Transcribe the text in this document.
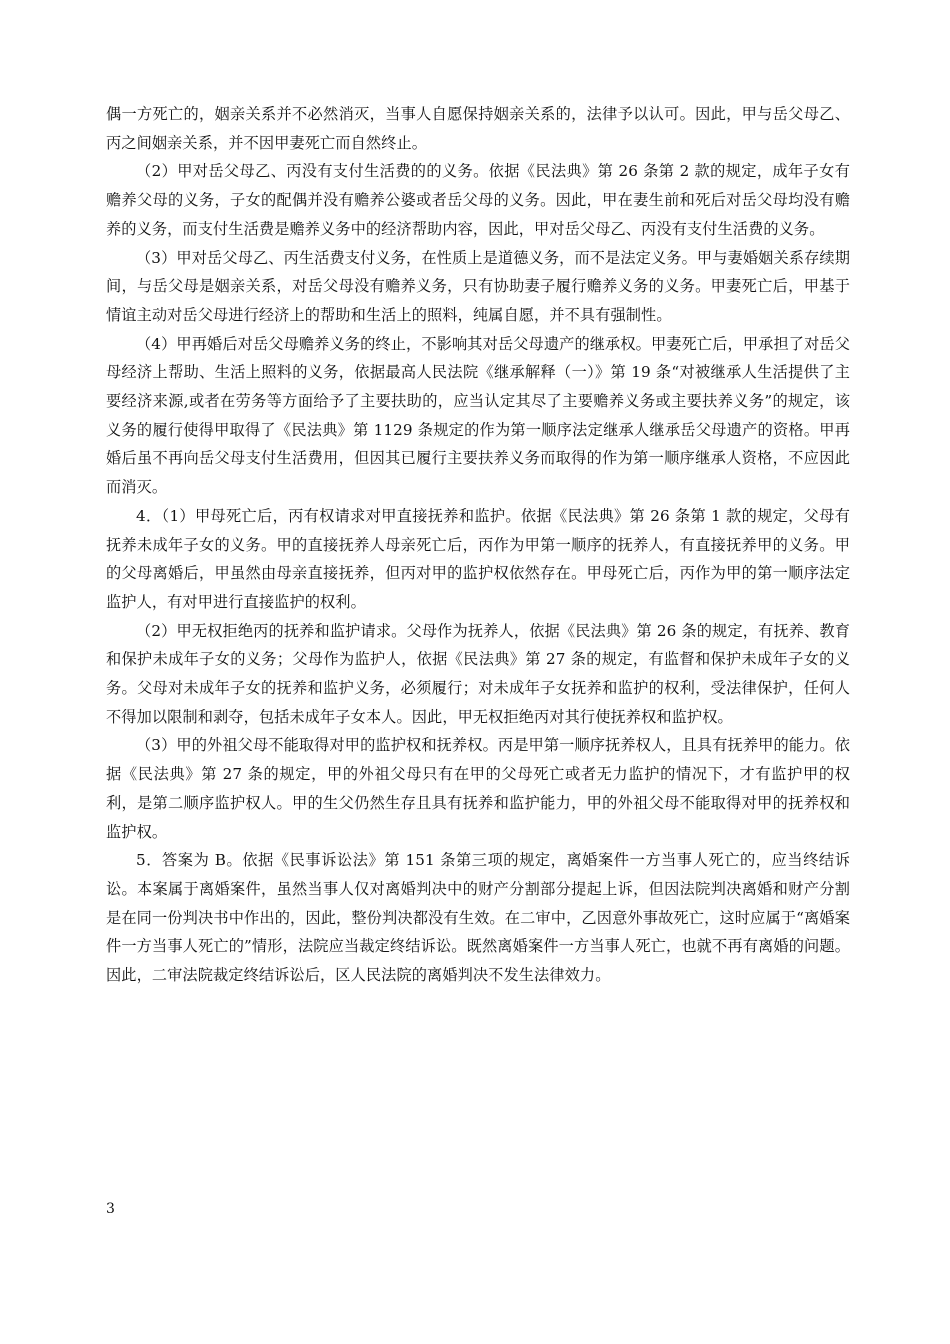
偶一方死亡的，姻亲关系并不必然消灭，当事人自愿保持姻亲关系的，法律予以认可。因此，甲与岳父母乙、丙之间姻亲关系，并不因甲妻死亡而自然终止。

（2）甲对岳父母乙、丙没有支付生活费的的义务。依据《民法典》第 26 条第 2 款的规定，成年子女有赡养父母的义务，子女的配偶并没有赡养公婆或者岳父母的义务。因此，甲在妻生前和死后对岳父母均没有赡养的义务，而支付生活费是赡养义务中的经济帮助内容，因此，甲对岳父母乙、丙没有支付生活费的义务。

（3）甲对岳父母乙、丙生活费支付义务，在性质上是道德义务，而不是法定义务。甲与妻婚姻关系存续期间，与岳父母是姻亲关系，对岳父母没有赡养义务，只有协助妻子履行赡养义务的义务。甲妻死亡后，甲基于情谊主动对岳父母进行经济上的帮助和生活上的照料，纯属自愿，并不具有强制性。

（4）甲再婚后对岳父母赡养义务的终止，不影响其对岳父母遗产的继承权。甲妻死亡后，甲承担了对岳父母经济上帮助、生活上照料的义务，依据最高人民法院《继承解释（一）》第 19 条“对被继承人生活提供了主要经济来源,或者在劳务等方面给予了主要扶助的，应当认定其尽了主要赡养义务或主要扶养义务”的规定，该义务的履行使得甲取得了《民法典》第 1129 条规定的作为第一顺序法定继承人继承岳父母遗产的资格。甲再婚后虽不再向岳父母支付生活费用，但因其已履行主要扶养义务而取得的作为第一顺序继承人资格，不应因此而消灭。

4．（1）甲母死亡后，丙有权请求对甲直接抚养和监护。依据《民法典》第 26 条第 1 款的规定，父母有抚养未成年子女的义务。甲的直接抚养人母亲死亡后，丙作为甲第一顺序的抚养人，有直接抚养甲的义务。甲的父母离婚后，甲虽然由母亲直接抚养，但丙对甲的监护权依然存在。甲母死亡后，丙作为甲的第一顺序法定监护人，有对甲进行直接监护的权利。

（2）甲无权拒绝丙的抚养和监护请求。父母作为抚养人，依据《民法典》第 26 条的规定，有抚养、教育和保护未成年子女的义务；父母作为监护人，依据《民法典》第 27 条的规定，有监督和保护未成年子女的义务。父母对未成年子女的抚养和监护义务，必须履行；对未成年子女抚养和监护的权利，受法律保护，任何人不得加以限制和剥夺，包括未成年子女本人。因此，甲无权拒绝丙对其行使抚养权和监护权。

（3）甲的外祖父母不能取得对甲的监护权和抚养权。丙是甲第一顺序抚养权人，且具有抚养甲的能力。依据《民法典》第 27 条的规定，甲的外祖父母只有在甲的父母死亡或者无力监护的情况下，才有监护甲的权利，是第二顺序监护权人。甲的生父仍然生存且具有抚养和监护能力，甲的外祖父母不能取得对甲的抚养权和监护权。

5．答案为 B。依据《民事诉讼法》第 151 条第三项的规定，离婚案件一方当事人死亡的，应当终结诉讼。本案属于离婚案件，虽然当事人仅对离婚判决中的财产分割部分提起上诉，但因法院判决离婚和财产分割是在同一份判决书中作出的，因此，整份判决都没有生效。在二审中，乙因意外事故死亡，这时应属于“离婚案件一方当事人死亡的”情形，法院应当裁定终结诉讼。既然离婚案件一方当事人死亡，也就不再有离婚的问题。因此，二审法院裁定终结诉讼后，区人民法院的离婚判决不发生法律效力。

3
